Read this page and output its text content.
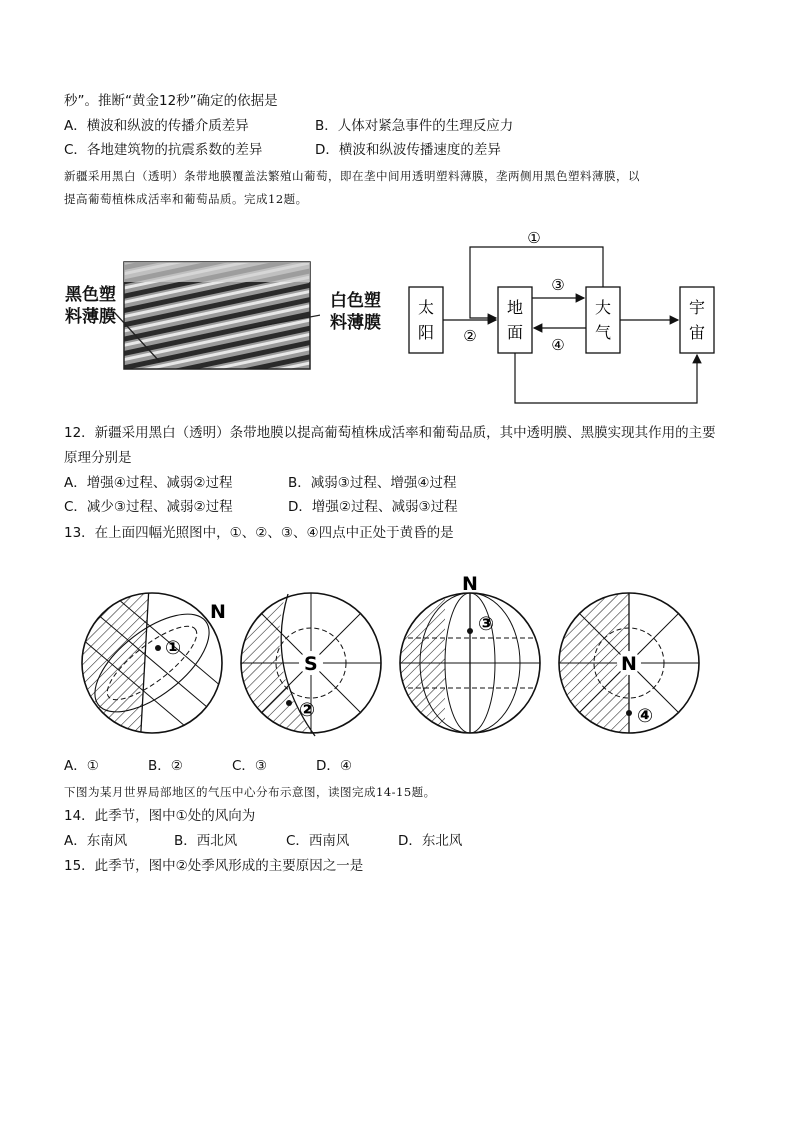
秒”。推断“黄金12秒”确定的依据是
A．横波和纵波的传播介质差异	B．人体对紧急事件的生理反应力
C．各地建筑物的抗震系数的差异	D．横波和纵波传播速度的差异
新疆采用黑白（透明）条带地膜覆盖法繁殖山葡萄，即在垄中间用透明塑料薄膜，垄两侧用黑色塑料薄膜，以
提高葡萄植株成活率和葡萄品质。完成12题。
黑色塑
料薄膜
白色塑
料薄膜
太
阳
地
面
大
气
宇
宙
①
②
③
④
12．新疆采用黑白（透明）条带地膜以提高葡萄植株成活率和葡萄品质，其中透明膜、黑膜实现其作用的主要
原理分别是
A．增强④过程、减弱②过程	B．减弱③过程、增强④过程
C．减少③过程、减弱②过程	D．增强②过程、减弱③过程
13．在上面四幅光照图中，①、②、③、④四点中正处于黄昏的是
N
①
S
②
N
③
N
④
A．①	B．②	C．③	D．④
下图为某月世界局部地区的气压中心分布示意图，读图完成14-15题。
14．此季节，图中①处的风向为
A．东南风	B．西北风	C．西南风	D．东北风
15．此季节，图中②处季风形成的主要原因之一是
